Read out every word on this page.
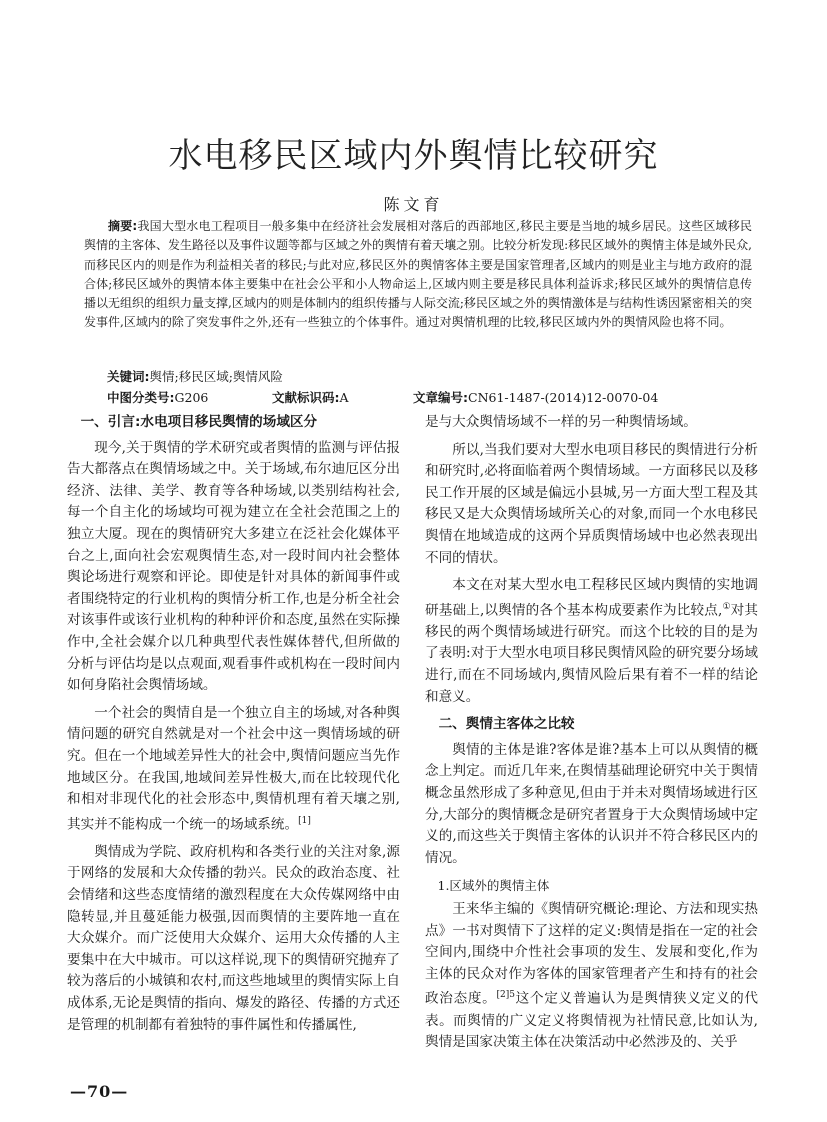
水电移民区域内外舆情比较研究
陈文育
摘要:我国大型水电工程项目一般多集中在经济社会发展相对落后的西部地区,移民主要是当地的城乡居民。这些区域移民舆情的主客体、发生路径以及事件议题等都与区域之外的舆情有着天壤之别。比较分析发现:移民区域外的舆情主体是域外民众,而移民区内的则是作为利益相关者的移民;与此对应,移民区外的舆情客体主要是国家管理者,区域内的则是业主与地方政府的混合体;移民区域外的舆情本体主要集中在社会公平和小人物命运上,区域内则主要是移民具体利益诉求;移民区域外的舆情信息传播以无组织的组织力量支撑,区域内的则是体制内的组织传播与人际交流;移民区域之外的舆情激体是与结构性诱因紧密相关的突发事件,区域内的除了突发事件之外,还有一些独立的个体事件。通过对舆情机理的比较,移民区域内外的舆情风险也将不同。
关键词:舆情;移民区域;舆情风险
中图分类号:G206	文献标识码:A	文章编号:CN61-1487-(2014)12-0070-04
一、引言:水电项目移民舆情的场域区分

现今,关于舆情的学术研究或者舆情的监测与评估报告大都落点在舆情场域之中。关于场域,布尔迪厄区分出经济、法律、美学、教育等各种场域,以类别结构社会,每一个自主化的场域均可视为建立在全社会范围之上的独立大厦。现在的舆情研究大多建立在泛社会化媒体平台之上,面向社会宏观舆情生态,对一段时间内社会整体舆论场进行观察和评论。即使是针对具体的新闻事件或者围绕特定的行业机构的舆情分析工作,也是分析全社会对该事件或该行业机构的种种评价和态度,虽然在实际操作中,全社会媒介以几种典型代表性媒体替代,但所做的分析与评估均是以点观面,观看事件或机构在一段时间内如何身陷社会舆情场域。

一个社会的舆情自是一个独立自主的场域,对各种舆情问题的研究自然就是对一个社会中这一舆情场域的研究。但在一个地域差异性大的社会中,舆情问题应当先作地域区分。在我国,地域间差异性极大,而在比较现代化和相对非现代化的社会形态中,舆情机理有着天壤之别,其实并不能构成一个统一的场域系统。[1]

舆情成为学院、政府机构和各类行业的关注对象,源于网络的发展和大众传播的勃兴。民众的政治态度、社会情绪和这些态度情绪的激烈程度在大众传媒网络中由隐转显,并且蔓延能力极强,因而舆情的主要阵地一直在大众媒介。而广泛使用大众媒介、运用大众传播的人主要集中在大中城市。可以这样说,现下的舆情研究抛弃了较为落后的小城镇和农村,而这些地域里的舆情实际上自成体系,无论是舆情的指向、爆发的路径、传播的方式还是管理的机制都有着独特的事件属性和传播属性,

是与大众舆情场域不一样的另一种舆情场域。

所以,当我们要对大型水电项目移民的舆情进行分析和研究时,必将面临着两个舆情场域。一方面移民以及移民工作开展的区域是偏远小县城,另一方面大型工程及其移民又是大众舆情场域所关心的对象,而同一个水电移民舆情在地域造成的这两个异质舆情场域中也必然表现出不同的情状。

本文在对某大型水电工程移民区域内舆情的实地调研基础上,以舆情的各个基本构成要素作为比较点,①对其移民的两个舆情场域进行研究。而这个比较的目的是为了表明:对于大型水电项目移民舆情风险的研究要分场域进行,而在不同场域内,舆情风险后果有着不一样的结论和意义。

二、舆情主客体之比较

舆情的主体是谁?客体是谁?基本上可以从舆情的概念上判定。而近几年来,在舆情基础理论研究中关于舆情概念虽然形成了多种意见,但由于并未对舆情场域进行区分,大部分的舆情概念是研究者置身于大众舆情场域中定义的,而这些关于舆情主客体的认识并不符合移民区内的情况。

1.区域外的舆情主体

王来华主编的《舆情研究概论:理论、方法和现实热点》一书对舆情下了这样的定义:舆情是指在一定的社会空间内,围绕中介性社会事项的发生、发展和变化,作为主体的民众对作为客体的国家管理者产生和持有的社会政治态度。$^{[2]5}$这个定义普遍认为是舆情狭义定义的代表。而舆情的广义定义将舆情视为社情民意,比如认为,舆情是国家决策主体在决策活动中必然涉及的、关乎

—70—
